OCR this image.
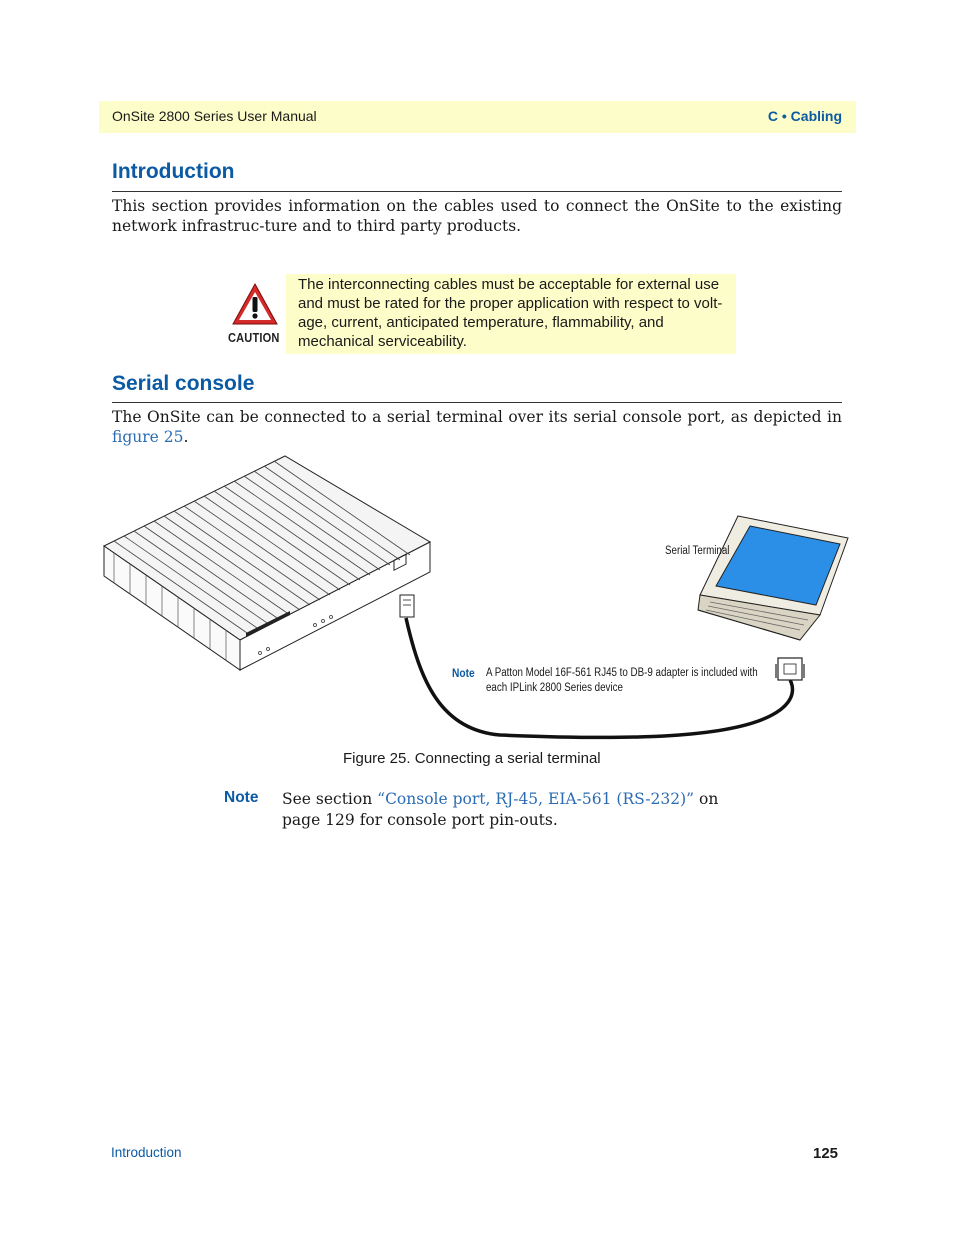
OnSite 2800 Series User Manual	C • Cabling
Introduction
This section provides information on the cables used to connect the OnSite to the existing network infrastruc-ture and to third party products.
CAUTION
The interconnecting cables must be acceptable for external use and must be rated for the proper application with respect to volt-age, current, anticipated temperature, flammability, and mechanical serviceability.
Serial console
The OnSite can be connected to a serial terminal over its serial console port, as depicted in figure 25.
Serial Terminal
Note A Patton Model 16F-561 RJ45 to DB-9 adapter is included with each IPLink 2800 Series device
Figure 25. Connecting a serial terminal
Note See section “Console port, RJ-45, EIA-561 (RS-232)” on page 129 for console port pin-outs.
Introduction	125
